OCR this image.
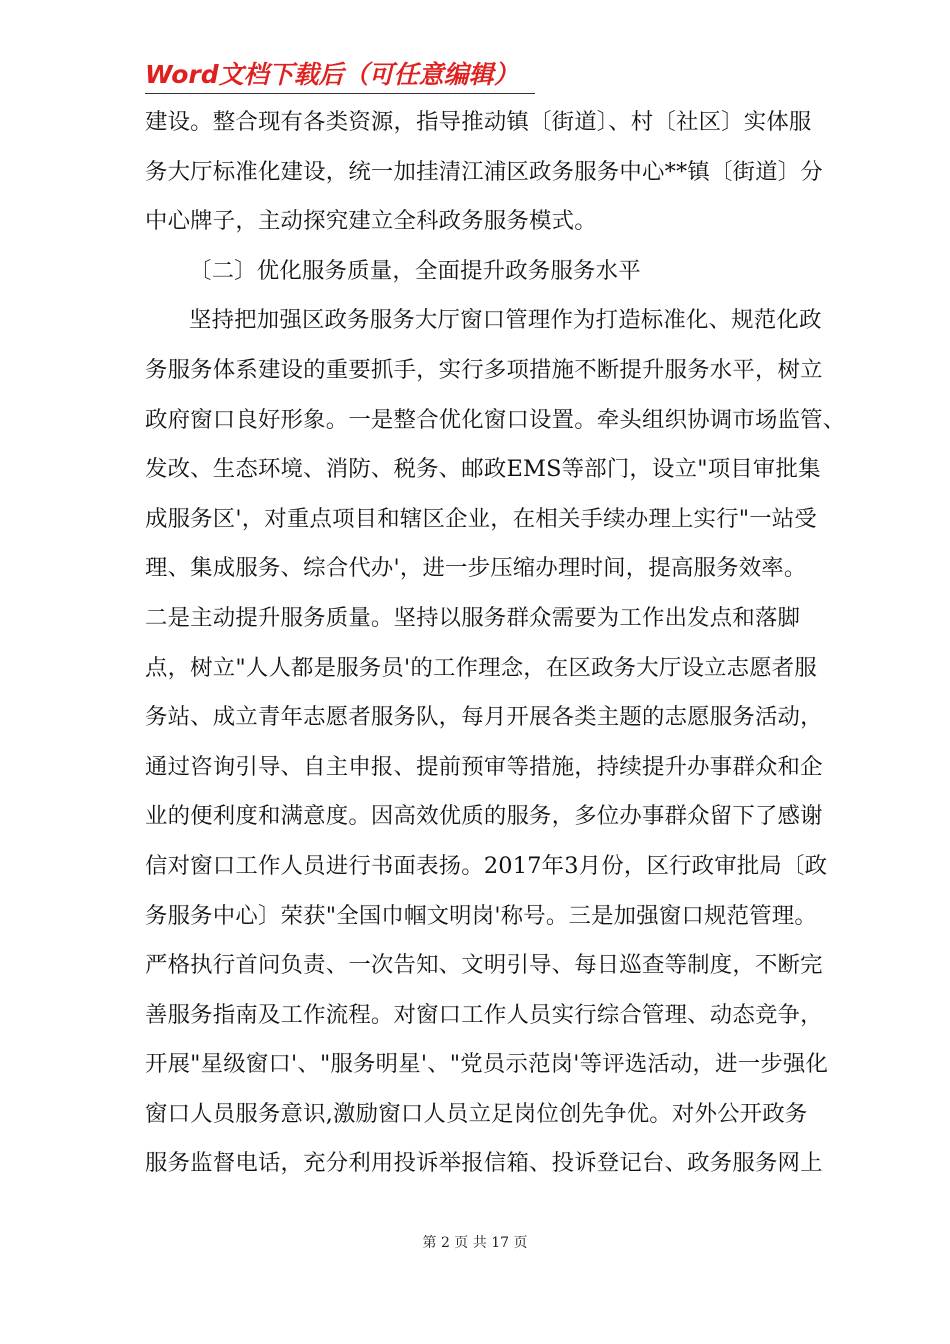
Word文档下载后（可任意编辑）
建设。整合现有各类资源，指导推动镇〔街道〕、村〔社区〕实体服
务大厅标准化建设，统一加挂清江浦区政务服务中心**镇〔街道〕分
中心牌子，主动探究建立全科政务服务模式。
〔二〕优化服务质量，全面提升政务服务水平
坚持把加强区政务服务大厅窗口管理作为打造标准化、规范化政
务服务体系建设的重要抓手，实行多项措施不断提升服务水平，树立
政府窗口良好形象。一是整合优化窗口设置。牵头组织协调市场监管、
发改、生态环境、消防、税务、邮政EMS等部门，设立"项目审批集
成服务区'，对重点项目和辖区企业，在相关手续办理上实行"一站受
理、集成服务、综合代办'，进一步压缩办理时间，提高服务效率。
二是主动提升服务质量。坚持以服务群众需要为工作出发点和落脚
点，树立"人人都是服务员'的工作理念，在区政务大厅设立志愿者服
务站、成立青年志愿者服务队，每月开展各类主题的志愿服务活动，
通过咨询引导、自主申报、提前预审等措施，持续提升办事群众和企
业的便利度和满意度。因高效优质的服务，多位办事群众留下了感谢
信对窗口工作人员进行书面表扬。2017年3月份，区行政审批局〔政
务服务中心〕荣获"全国巾帼文明岗'称号。三是加强窗口规范管理。
严格执行首问负责、一次告知、文明引导、每日巡查等制度，不断完
善服务指南及工作流程。对窗口工作人员实行综合管理、动态竞争，
开展"星级窗口'、"服务明星'、"党员示范岗'等评选活动，进一步强化
窗口人员服务意识,激励窗口人员立足岗位创先争优。对外公开政务
服务监督电话，充分利用投诉举报信箱、投诉登记台、政务服务网上
第 2 页 共 17 页
